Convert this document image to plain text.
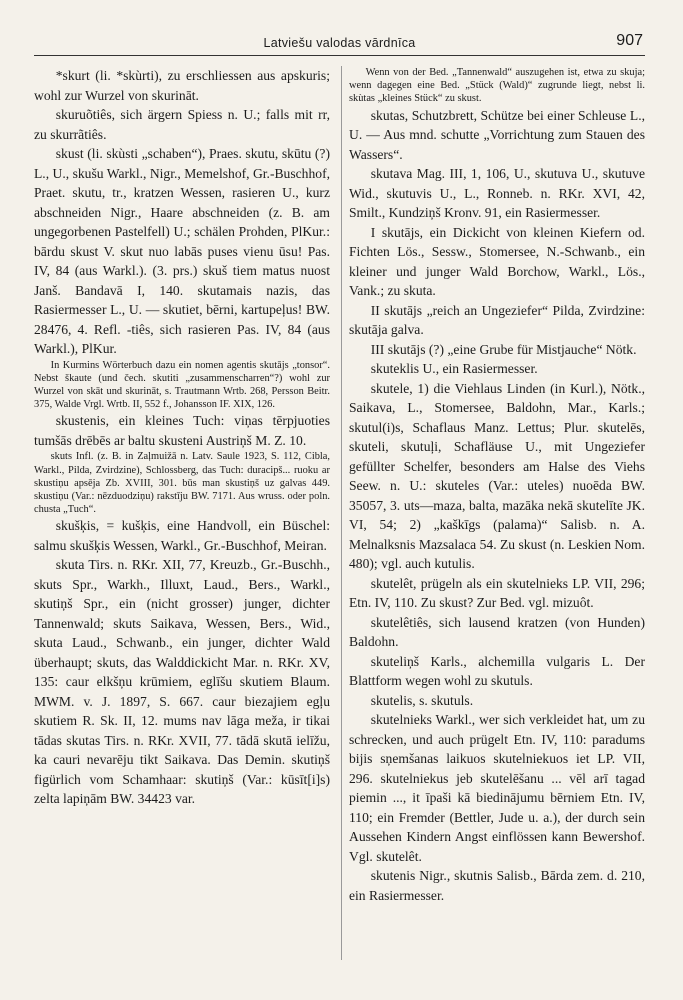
Latviešu valodas vārdnīca	907

*skurt (li. *skùrti), zu erschliessen aus apskuris; wohl zur Wurzel von skurināt.

skuruõtiês, sich ärgern Spiess n. U.; falls mit rr, zu skurrãtiês.

skust (li. skùsti „schaben“), Praes. skutu, skūtu (?) L., U., skušu Warkl., Nigr., Memelshof, Gr.-Buschhof, Praet. skutu, tr., kratzen Wessen, rasieren U., kurz abschneiden Nigr., Haare abschneiden (z. B. am ungegorbenen Pastelfell) U.; schälen Prohden, PlKur.: bārdu skust V. skut nuo labās puses vienu ūsu! Pas. IV, 84 (aus Warkl.). (3. prs.) skuš tiem matus nuost Janš. Bandavā I, 140. skutamais nazis, das Rasiermesser L., U. — skutiet, bērni, kartupeļus! BW. 28476, 4. Refl. -tiês, sich rasieren Pas. IV, 84 (aus Warkl.), PlKur.

In Kurmins Wörterbuch dazu ein nomen agentis skutājs „tonsor“. Nebst škaute (und čech. skutiti „zusammenscharren“?) wohl zur Wurzel von skāt und skurināt, s. Trautmann Wrtb. 268, Persson Beitr. 375, Walde Vrgl. Wrtb. II, 552 f., Johansson IF. XIX, 126.

skustenis, ein kleines Tuch: viņas tērpjuoties tumšās drēbēs ar baltu skusteni Austriņš M. Z. 10.

skuts Infl. (z. B. in Zaļmuižā n. Latv. Saule 1923, S. 112, Cibla, Warkl., Pilda, Zvirdzine), Schlossberg, das Tuch: duracipš... ruoku ar skustiņu apsēja Zb. XVIII, 301. būs man skustiņš uz galvas 449. skustiņu (Var.: nēzduodziņu) rakstīju BW. 7171. Aus wruss. oder poln. chusta „Tuch“.

skušķis, = kušķis, eine Handvoll, ein Büschel: salmu skušķis Wessen, Warkl., Gr.-Buschhof, Meiran.

skuta Tirs. n. RKr. XII, 77, Kreuzb., Gr.-Buschh., skuts Spr., Warkh., Illuxt, Laud., Bers., Warkl., skutiņš Spr., ein (nicht grosser) junger, dichter Tannenwald; skuts Saikava, Wessen, Bers., Wid., skuta Laud., Schwanb., ein junger, dichter Wald überhaupt; skuts, das Walddickicht Mar. n. RKr. XV, 135: caur elkšņu krūmiem, eglīšu skutiem Blaum. MWM. v. J. 1897, S. 667. caur biezajiem egļu skutiem R. Sk. II, 12. mums nav lāga meža, ir tikai tādas skutas Tirs. n. RKr. XVII, 77. tādā skutā ielīžu, ka cauri nevarēju tikt Saikava. Das Demin. skutiņš figürlich vom Schamhaar: skutiņš (Var.: kūsīt[i]s) zelta lapiņām BW. 34423 var.

Wenn von der Bed. „Tannenwald“ auszugehen ist, etwa zu skuja; wenn dagegen eine Bed. „Stück (Wald)“ zugrunde liegt, nebst li. skùtas „kleines Stück“ zu skust.

skutas, Schutzbrett, Schütze bei einer Schleuse L., U. — Aus mnd. schutte „Vorrichtung zum Stauen des Wassers“.

skutava Mag. III, 1, 106, U., skutuva U., skutuve Wid., skutuvis U., L., Ronneb. n. RKr. XVI, 42, Smilt., Kundziņš Kronv. 91, ein Rasiermesser.

I skutājs, ein Dickicht von kleinen Kiefern od. Fichten Lös., Sessw., Stomersee, N.-Schwanb., ein kleiner und junger Wald Borchow, Warkl., Lös., Vank.; zu skuta.

II skutājs „reich an Ungeziefer“ Pilda, Zvirdzine: skutāja galva.

III skutājs (?) „eine Grube für Mistjauche“ Nötk.

skuteklis U., ein Rasiermesser.

skutele, 1) die Viehlaus Linden (in Kurl.), Nötk., Saikava, L., Stomersee, Baldohn, Mar., Karls.; skutul(i)s, Schaflaus Manz. Lettus; Plur. skutelēs, skuteli, skutuļi, Schafläuse U., mit Ungeziefer gefüllter Schelfer, besonders am Halse des Viehs Seew. n. U.: skuteles (Var.: uteles) nuoēda BW. 35057, 3. uts—maza, balta, mazāka nekā skutelīte JK. VI, 54; 2) „kaškīgs (palama)“ Salisb. n. A. Melnalksnis Mazsalaca 54. Zu skust (n. Leskien Nom. 480); vgl. auch kutulis.

skutelêt, prügeln als ein skutelnieks LP. VII, 296; Etn. IV, 110. Zu skust? Zur Bed. vgl. mizuôt.

skutelêtiês, sich lausend kratzen (von Hunden) Baldohn.

skuteliņš Karls., alchemilla vulgaris L. Der Blattform wegen wohl zu skutuls.

skutelis, s. skutuls.

skutelnieks Warkl., wer sich verkleidet hat, um zu schrecken, und auch prügelt Etn. IV, 110: paradums bijis sņemšanas laikuos skutelniekuos iet LP. VII, 296. skutelniekus jeb skutelēšanu ... vēl arī tagad piemin ..., it īpaši kā biedinājumu bērniem Etn. IV, 110; ein Fremder (Bettler, Jude u. a.), der durch sein Aussehen Kindern Angst einflössen kann Bewershof. Vgl. skutelêt.

skutenis Nigr., skutnis Salisb., Bārda zem. d. 210, ein Rasiermesser.
